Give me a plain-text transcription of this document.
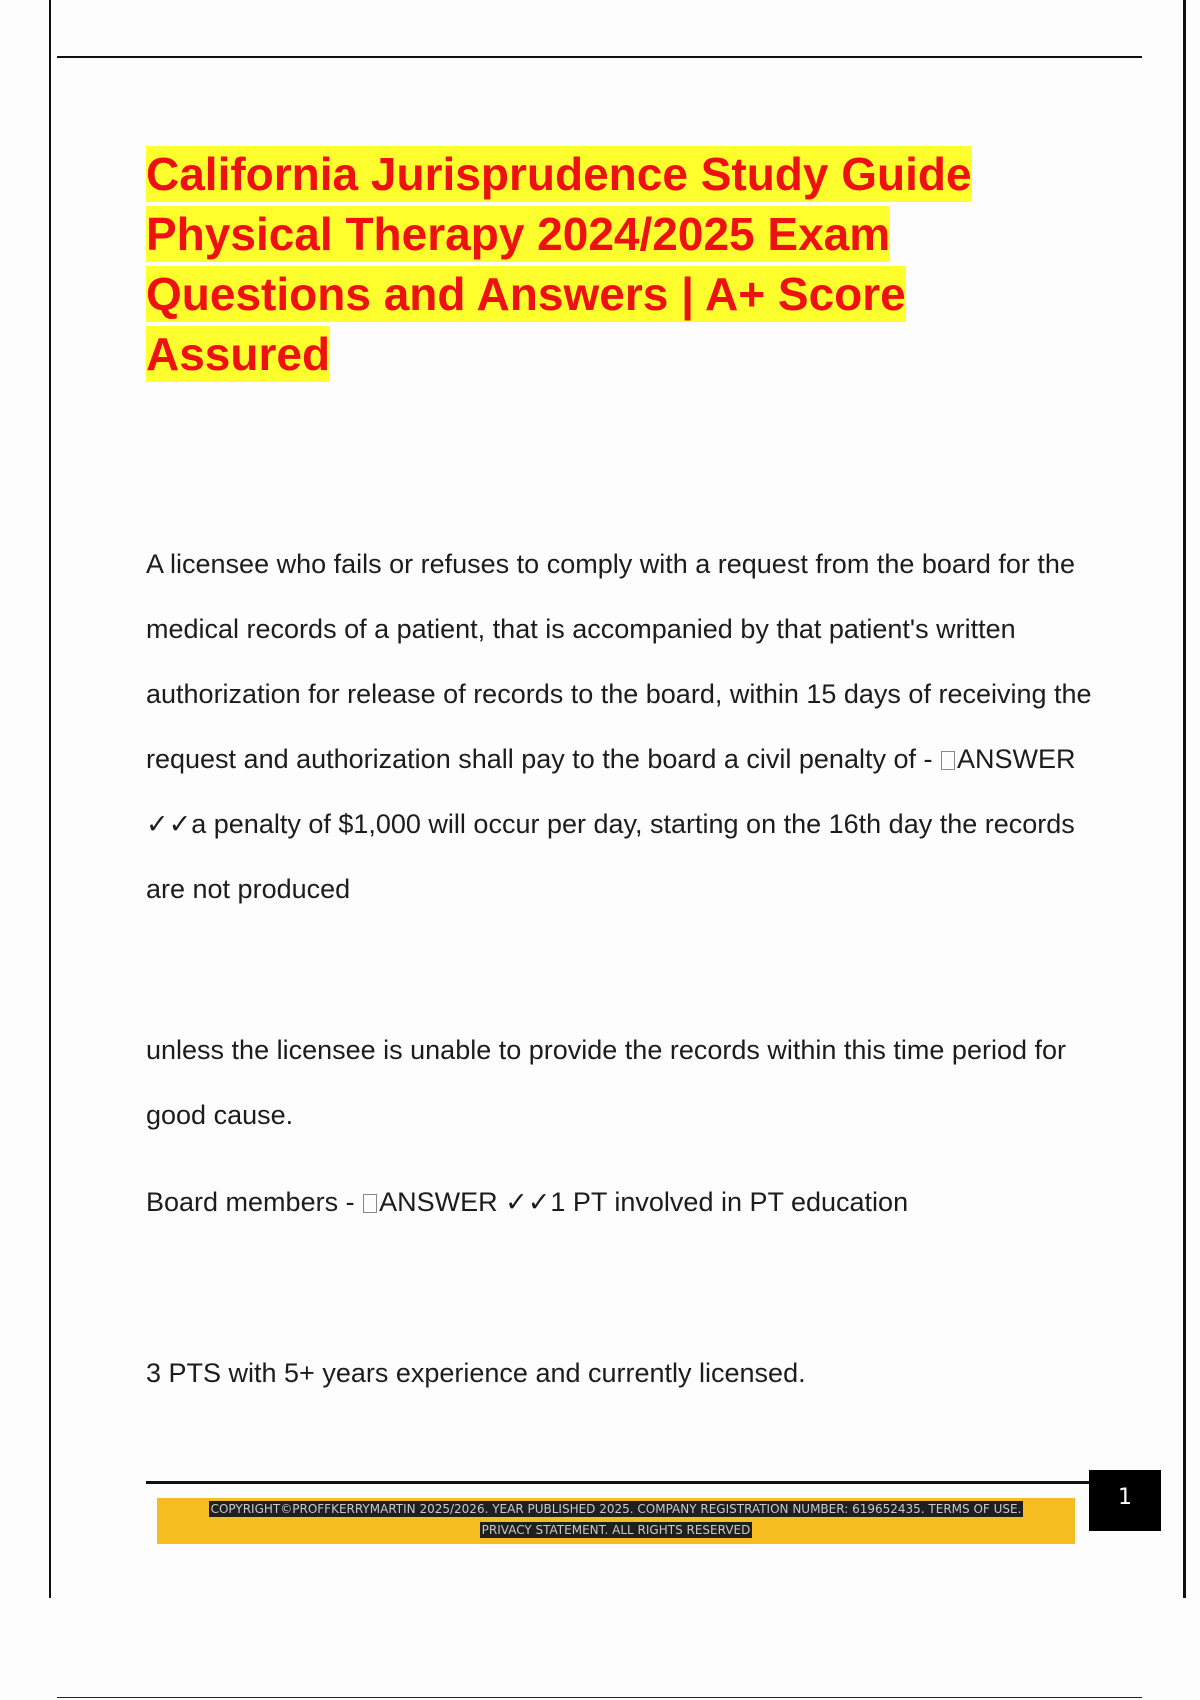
California Jurisprudence Study Guide
Physical Therapy 2024/2025 Exam
Questions and Answers | A+ Score
Assured
A licensee who fails or refuses to comply with a request from the board for the medical records of a patient, that is accompanied by that patient's written authorization for release of records to the board, within 15 days of receiving the request and authorization shall pay to the board a civil penalty of - ANSWER ✓✓a penalty of $1,000 will occur per day, starting on the 16th day the records are not produced
unless the licensee is unable to provide the records within this time period for good cause.
Board members - ANSWER ✓✓1 PT involved in PT education
3 PTS with 5+ years experience and currently licensed.
COPYRIGHT©PROFFKERRYMARTIN 2025/2026. YEAR PUBLISHED 2025. COMPANY REGISTRATION NUMBER: 619652435. TERMS OF USE.
PRIVACY STATEMENT. ALL RIGHTS RESERVED
1
